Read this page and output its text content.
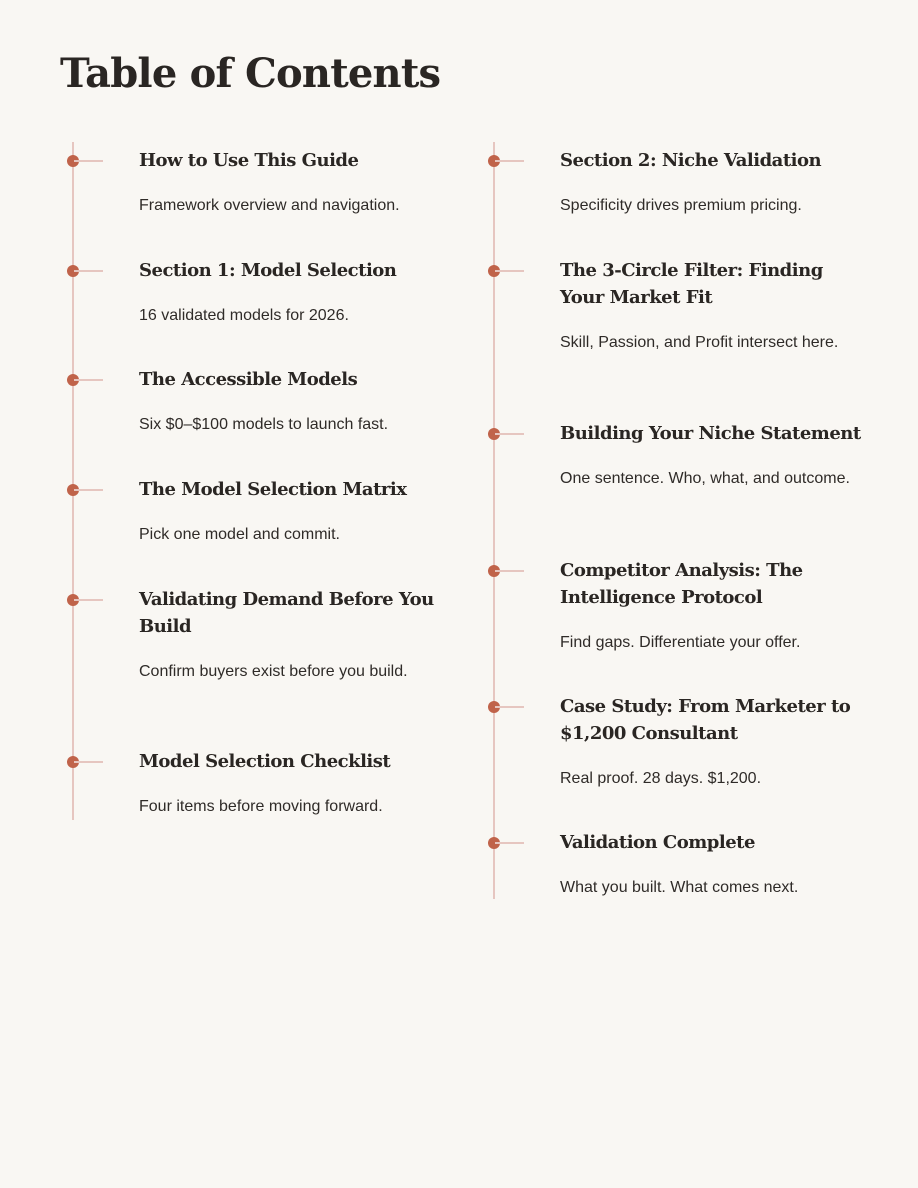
Table of Contents
How to Use This Guide

Framework overview and navigation.

Section 1: Model Selection

16 validated models for 2026.

The Accessible Models

Six $0–$100 models to launch fast.

The Model Selection Matrix

Pick one model and commit.

Validating Demand Before You Build

Confirm buyers exist before you build.

Model Selection Checklist

Four items before moving forward.

Section 2: Niche Validation

Specificity drives premium pricing.

The 3-Circle Filter: Finding Your Market Fit

Skill, Passion, and Profit intersect here.

Building Your Niche Statement

One sentence. Who, what, and outcome.

Competitor Analysis: The Intelligence Protocol

Find gaps. Differentiate your offer.

Case Study: From Marketer to $1,200 Consultant

Real proof. 28 days. $1,200.

Validation Complete

What you built. What comes next.
